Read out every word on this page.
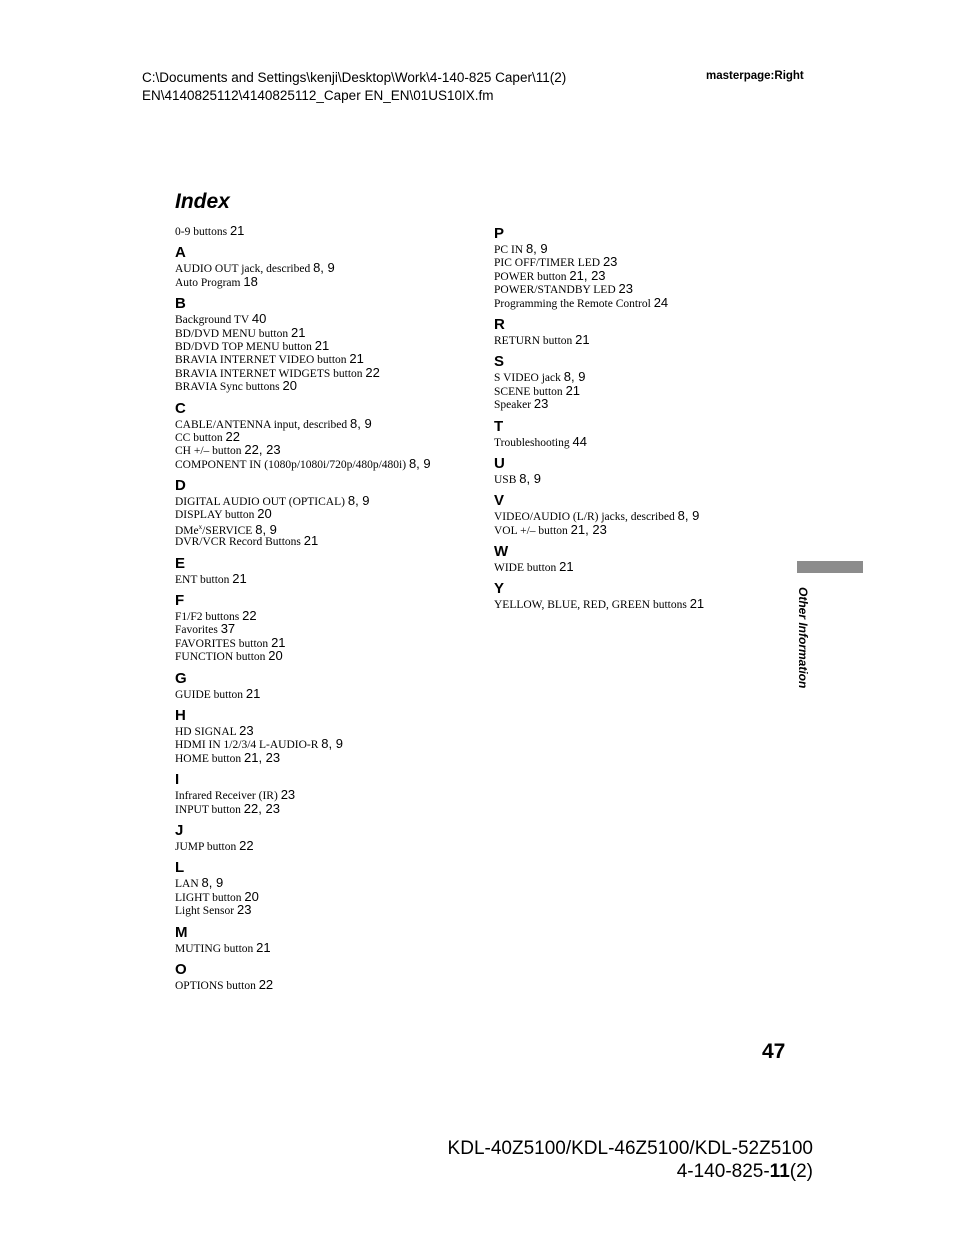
C:\Documents and Settings\kenji\Desktop\Work\4-140-825 Caper\11(2)
EN\4140825112\4140825112_Caper EN_EN\01US10IX.fm
masterpage:Right
Index
0-9 buttons 21
A
AUDIO OUT jack, described 8, 9
Auto Program 18
B
Background TV 40
BD/DVD MENU button 21
BD/DVD TOP MENU button 21
BRAVIA INTERNET VIDEO button 21
BRAVIA INTERNET WIDGETS button 22
BRAVIA Sync buttons 20
C
CABLE/ANTENNA input, described 8, 9
CC button 22
CH +/– button 22, 23
COMPONENT IN (1080p/1080i/720p/480p/480i) 8, 9
D
DIGITAL AUDIO OUT (OPTICAL) 8, 9
DISPLAY button 20
DMe$^x$/SERVICE 8, 9
DVR/VCR Record Buttons 21
E
ENT button 21
F
F1/F2 buttons 22
Favorites 37
FAVORITES button 21
FUNCTION button 20
G
GUIDE button 21
H
HD SIGNAL 23
HDMI IN 1/2/3/4 L-AUDIO-R 8, 9
HOME button 21, 23
I
Infrared Receiver (IR) 23
INPUT button 22, 23
J
JUMP button 22
L
LAN 8, 9
LIGHT button 20
Light Sensor 23
M
MUTING button 21
O
OPTIONS button 22
P
PC IN 8, 9
PIC OFF/TIMER LED 23
POWER button 21, 23
POWER/STANDBY LED 23
Programming the Remote Control 24
R
RETURN button 21
S
S VIDEO jack 8, 9
SCENE button 21
Speaker 23
T
Troubleshooting 44
U
USB 8, 9
V
VIDEO/AUDIO (L/R) jacks, described 8, 9
VOL +/– button 21, 23
W
WIDE button 21
Y
YELLOW, BLUE, RED, GREEN buttons 21	Other Information
47
KDL-40Z5100/KDL-46Z5100/KDL-52Z5100
4-140-825-11(2)
